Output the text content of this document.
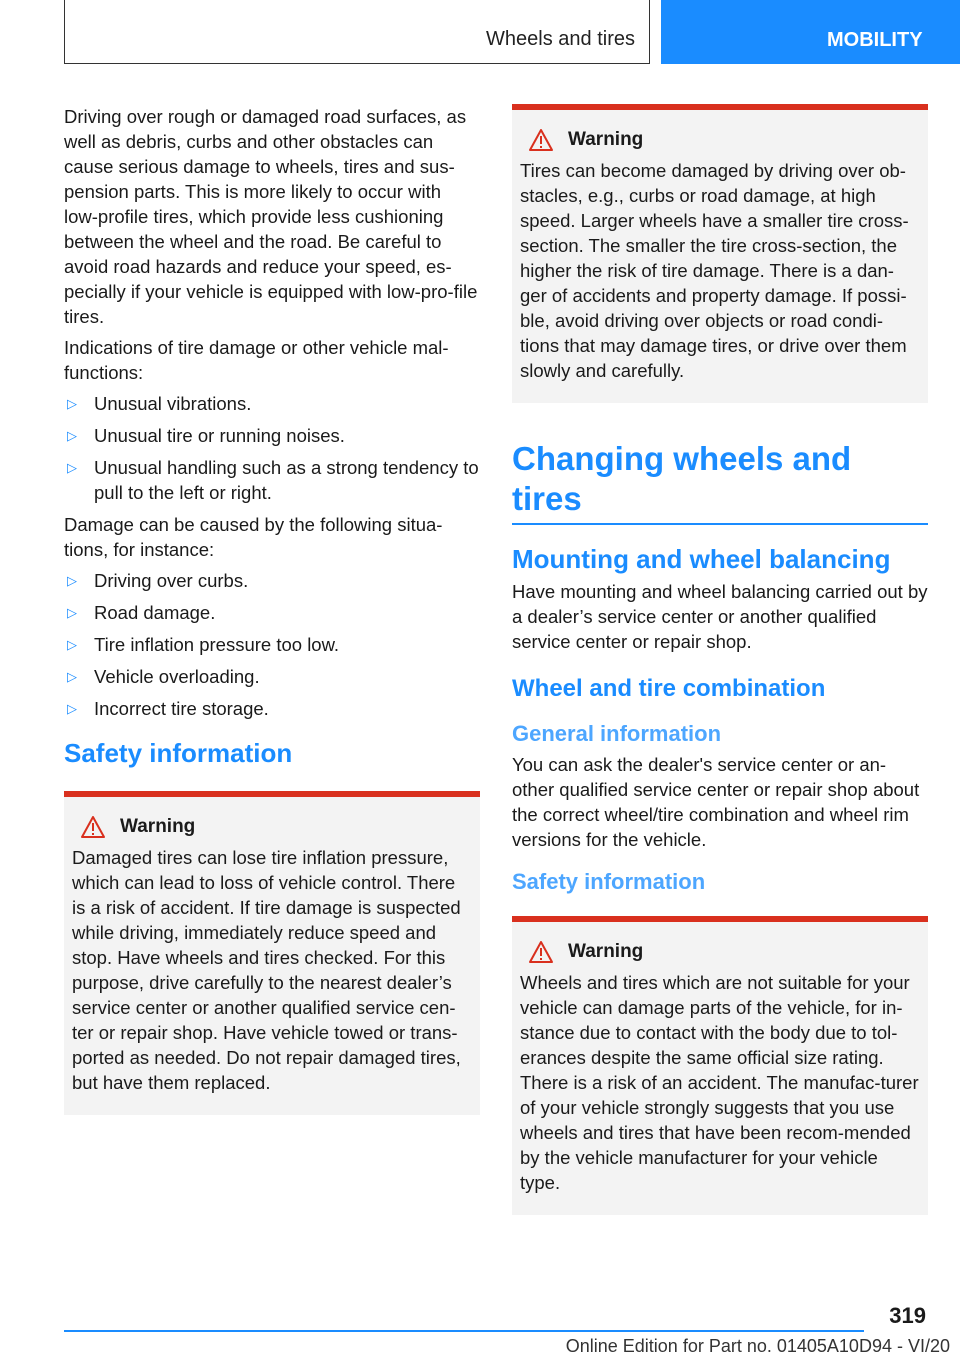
Wheels and tires	MOBILITY

Driving over rough or damaged road surfaces, as well as debris, curbs and other obstacles can cause serious damage to wheels, tires and sus-pension parts. This is more likely to occur with low-profile tires, which provide less cushioning between the wheel and the road. Be careful to avoid road hazards and reduce your speed, es-pecially if your vehicle is equipped with low-pro-file tires.

Indications of tire damage or other vehicle mal-functions:

▷ Unusual vibrations.
▷ Unusual tire or running noises.
▷ Unusual handling such as a strong tendency to pull to the left or right.

Damage can be caused by the following situa-tions, for instance:

▷ Driving over curbs.
▷ Road damage.
▷ Tire inflation pressure too low.
▷ Vehicle overloading.
▷ Incorrect tire storage.
Safety information
Warning

Damaged tires can lose tire inflation pressure, which can lead to loss of vehicle control. There is a risk of accident. If tire damage is suspected while driving, immediately reduce speed and stop. Have wheels and tires checked. For this purpose, drive carefully to the nearest dealer’s service center or another qualified service cen-ter or repair shop. Have vehicle towed or trans-ported as needed. Do not repair damaged tires, but have them replaced.

Warning

Tires can become damaged by driving over ob-stacles, e.g., curbs or road damage, at high speed. Larger wheels have a smaller tire cross-section. The smaller the tire cross-section, the higher the risk of tire damage. There is a dan-ger of accidents and property damage. If possi-ble, avoid driving over objects or road condi-tions that may damage tires, or drive over them slowly and carefully.

Changing wheels and tires
Mounting and wheel balancing

Have mounting and wheel balancing carried out by a dealer’s service center or another qualified service center or repair shop.

Wheel and tire combination
General information

You can ask the dealer's service center or an-other qualified service center or repair shop about the correct wheel/tire combination and wheel rim versions for the vehicle.

Safety information
Warning

Wheels and tires which are not suitable for your vehicle can damage parts of the vehicle, for in-stance due to contact with the body due to tol-erances despite the same official size rating. There is a risk of an accident. The manufac-turer of your vehicle strongly suggests that you use wheels and tires that have been recom-mended by the vehicle manufacturer for your vehicle type.

319
Online Edition for Part no. 01405A10D94 - VI/20
